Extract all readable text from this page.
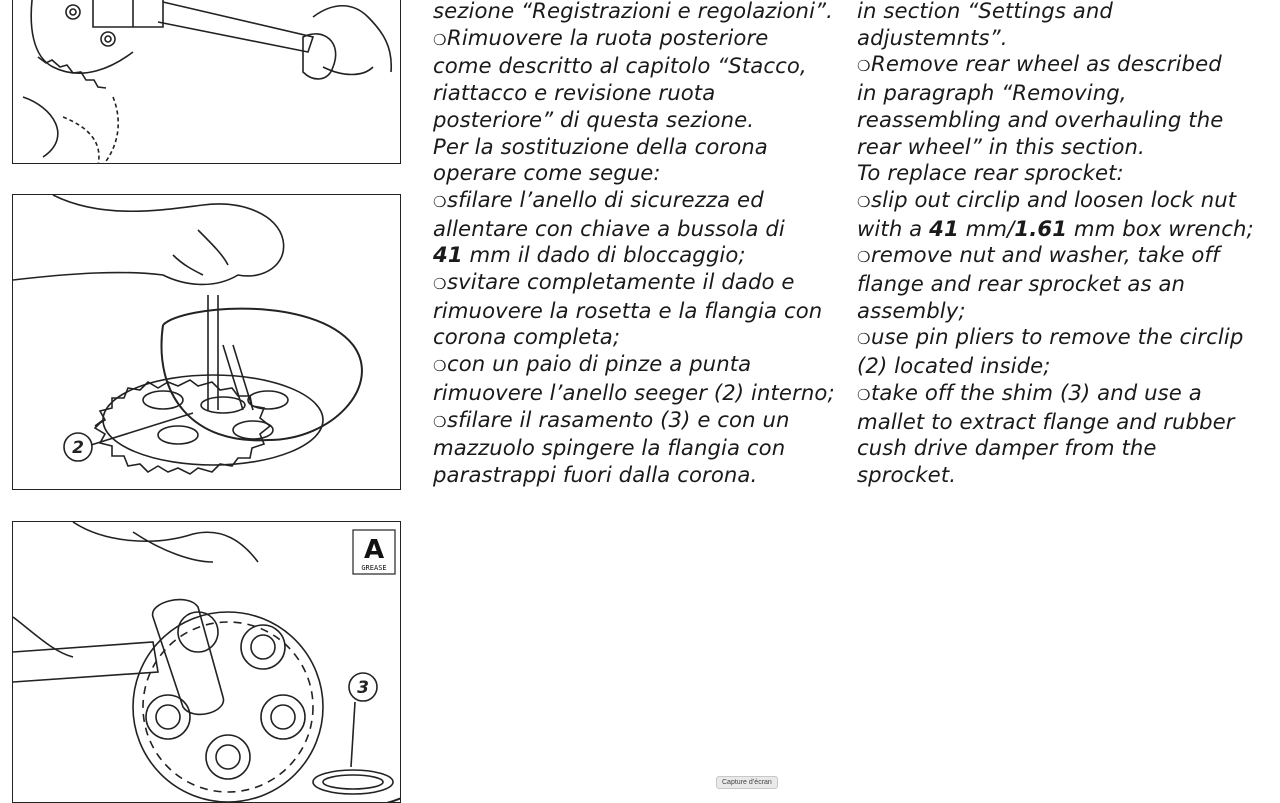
2
3
A
GREASE

sezione “Registrazioni e regolazioni”.

❍Rimuovere la ruota posteriore

come descritto al capitolo “Stacco,

riattacco e revisione ruota

posteriore” di questa sezione.

Per la sostituzione della corona

operare come segue:

❍sfilare l’anello di sicurezza ed

allentare con chiave a bussola di

41 mm il dado di bloccaggio;

❍svitare completamente il dado e

rimuovere la rosetta e la flangia con

corona completa;

❍con un paio di pinze a punta

rimuovere l’anello seeger (2) interno;

❍sfilare il rasamento (3) e con un

mazzuolo spingere la flangia con

parastrappi fuori dalla corona.

in section “Settings and

adjustemnts”.

❍Remove rear wheel as described

in paragraph “Removing,

reassembling and overhauling the

rear wheel” in this section.

To replace rear sprocket:

❍slip out circlip and loosen lock nut

with a 41 mm/1.61 mm box wrench;

❍remove nut and washer, take off

flange and rear sprocket as an

assembly;

❍use pin pliers to remove the circlip

(2) located inside;

❍take off the shim (3) and use a

mallet to extract flange and rubber

cush drive damper from the

sprocket.

Capture d’écran
